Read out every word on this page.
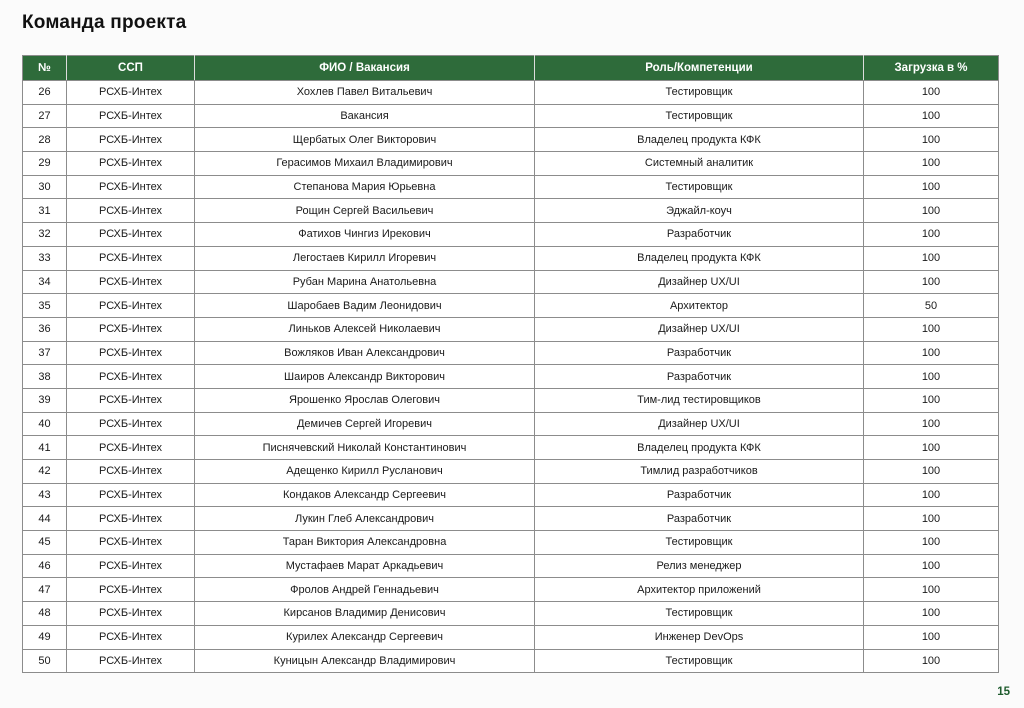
Команда проекта
№	ССП	ФИО / Вакансия	Роль/Компетенции	Загрузка в %
26	РСХБ-Интех	Хохлев Павел Витальевич	Тестировщик	100
27	РСХБ-Интех	Вакансия	Тестировщик	100
28	РСХБ-Интех	Щербатых Олег Викторович	Владелец продукта КФК	100
29	РСХБ-Интех	Герасимов Михаил Владимирович	Системный аналитик	100
30	РСХБ-Интех	Степанова Мария Юрьевна	Тестировщик	100
31	РСХБ-Интех	Рощин Сергей Васильевич	Эджайл-коуч	100
32	РСХБ-Интех	Фатихов Чингиз Ирекович	Разработчик	100
33	РСХБ-Интех	Легостаев Кирилл Игоревич	Владелец продукта КФК	100
34	РСХБ-Интех	Рубан Марина Анатольевна	Дизайнер UX/UI	100
35	РСХБ-Интех	Шаробаев Вадим Леонидович	Архитектор	50
36	РСХБ-Интех	Линьков Алексей Николаевич	Дизайнер UX/UI	100
37	РСХБ-Интех	Вожляков Иван Александрович	Разработчик	100
38	РСХБ-Интех	Шаиров Александр Викторович	Разработчик	100
39	РСХБ-Интех	Ярошенко Ярослав Олегович	Тим-лид тестировщиков	100
40	РСХБ-Интех	Демичев Сергей Игоревич	Дизайнер UX/UI	100
41	РСХБ-Интех	Писнячевский Николай Константинович	Владелец продукта КФК	100
42	РСХБ-Интех	Адещенко Кирилл Русланович	Тимлид разработчиков	100
43	РСХБ-Интех	Кондаков Александр Сергеевич	Разработчик	100
44	РСХБ-Интех	Лукин Глеб Александрович	Разработчик	100
45	РСХБ-Интех	Таран Виктория Александровна	Тестировщик	100
46	РСХБ-Интех	Мустафаев Марат Аркадьевич	Релиз менеджер	100
47	РСХБ-Интех	Фролов Андрей Геннадьевич	Архитектор приложений	100
48	РСХБ-Интех	Кирсанов Владимир Денисович	Тестировщик	100
49	РСХБ-Интех	Курилех Александр Сергеевич	Инженер DevOps	100
50	РСХБ-Интех	Куницын Александр Владимирович	Тестировщик	100
15
